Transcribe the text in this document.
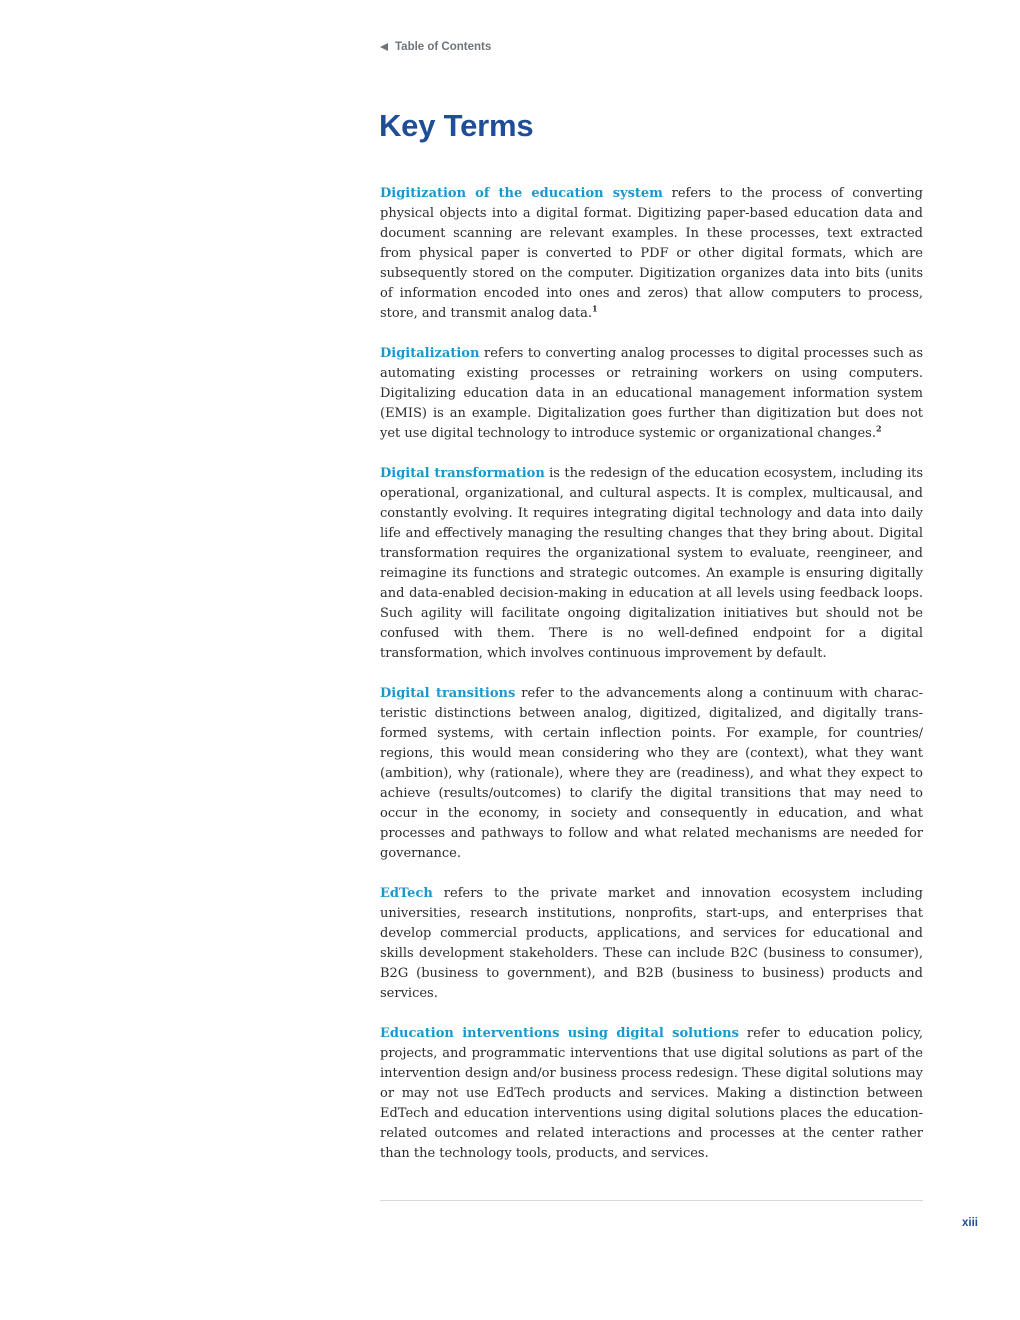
Table of Contents
Key Terms

Digitization of the education system refers to the process of converting physical objects into a digital format. Digitizing paper-based education data and document scanning are relevant examples. In these processes, text extracted from physical paper is converted to PDF or other digital formats, which are subsequently stored on the computer. Digitization organizes data into bits (units of information encoded into ones and zeros) that allow computers to process, store, and transmit analog data.$^1$

Digitalization refers to converting analog processes to digital processes such as automating existing processes or retraining workers on using computers. Digitalizing education data in an educational management information system (EMIS) is an example. Digitalization goes further than digitization but does not yet use digital technology to introduce systemic or organizational changes.$^2$

Digital transformation is the redesign of the education ecosystem, including its operational, organizational, and cultural aspects. It is complex, multicausal, and constantly evolving. It requires integrating digital technology and data into daily life and effectively managing the resulting changes that they bring about. Digital transformation requires the organizational system to evaluate, reengineer, and reimagine its functions and strategic outcomes. An example is ensuring digitally and data-enabled decision-making in education at all levels using feedback loops. Such agility will facilitate ongoing digitalization initiatives but should not be confused with them. There is no well-defined endpoint for a digital transformation, which involves continuous improvement by default.

Digital transitions refer to the advancements along a continuum with characteristic distinctions between analog, digitized, digitalized, and digitally transformed systems, with certain inflection points. For example, for countries/ regions, this would mean considering who they are (context), what they want (ambition), why (rationale), where they are (readiness), and what they expect to achieve (results/outcomes) to clarify the digital transitions that may need to occur in the economy, in society and consequently in education, and what processes and pathways to follow and what related mechanisms are needed for governance.

EdTech refers to the private market and innovation ecosystem including universities, research institutions, nonprofits, start-ups, and enterprises that develop commercial products, applications, and services for educational and skills development stakeholders. These can include B2C (business to consumer), B2G (business to government), and B2B (business to business) products and services.

Education interventions using digital solutions refer to education policy, projects, and programmatic interventions that use digital solutions as part of the intervention design and/or business process redesign. These digital solutions may or may not use EdTech products and services. Making a distinction between EdTech and education interventions using digital solutions places the education-related outcomes and related interactions and processes at the center rather than the technology tools, products, and services.

xiii
